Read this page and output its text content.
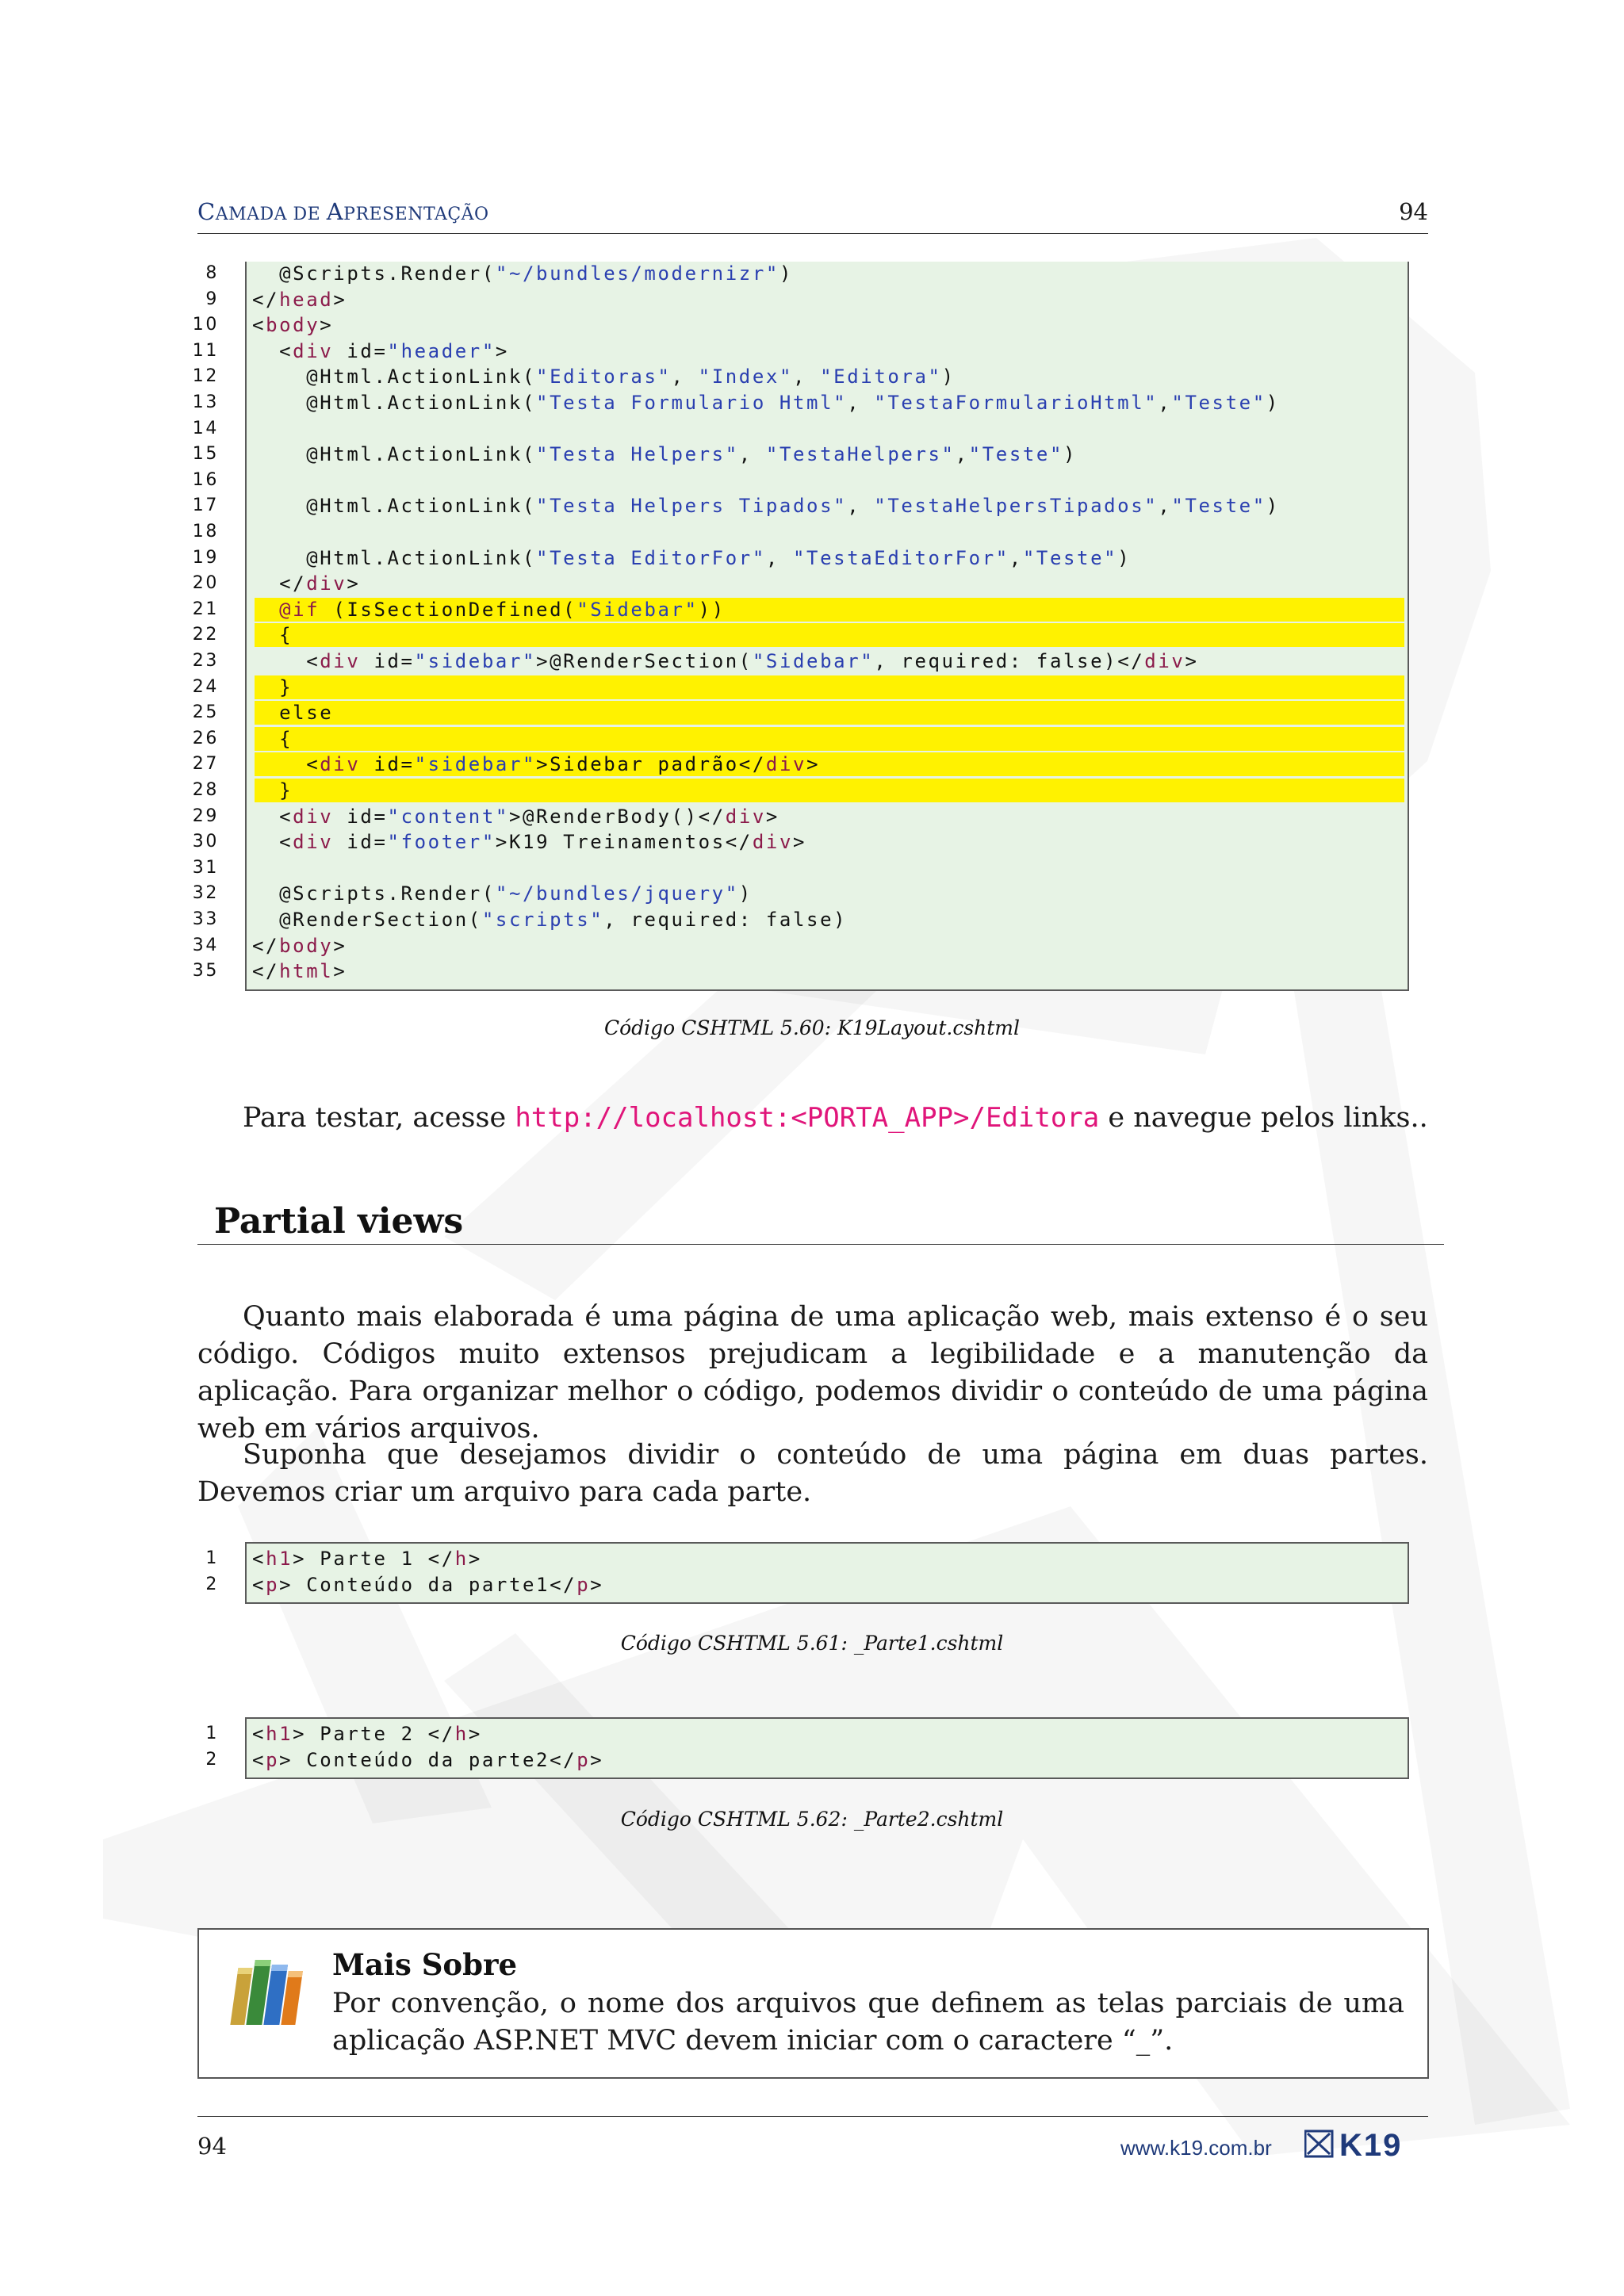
CAMADA DE APRESENTAÇÃO	94
8 @Scripts.Render("~/bundles/modernizr")
9 </head>
10 <body>
11 <div id="header">
12 @Html.ActionLink("Editoras", "Index", "Editora")
13 @Html.ActionLink("Testa Formulario Html", "TestaFormularioHtml","Teste")
14
15 @Html.ActionLink("Testa Helpers", "TestaHelpers","Teste")
16
17 @Html.ActionLink("Testa Helpers Tipados", "TestaHelpersTipados","Teste")
18
19 @Html.ActionLink("Testa EditorFor", "TestaEditorFor","Teste")
20 </div>
21	@if (IsSectionDefined("Sidebar"))
22 {
23 <div id="sidebar">@RenderSection("Sidebar", required: false)</div>
24 }
25 else
26 {
27 <div id="sidebar">Sidebar padrão</div>
28 }
29 <div id="content">@RenderBody()</div>
30 <div id="footer">K19 Treinamentos</div>
31
32 @Scripts.Render("~/bundles/jquery")
33 @RenderSection("scripts", required: false)
34 </body>
35 </html>
Código CSHTML 5.60: K19Layout.cshtml
Para testar, acesse http://localhost:<PORTA_APP>/Editora e navegue pelos links..
Partial views
Quanto mais elaborada é uma página de uma aplicação web, mais extenso é o seu código. Códigos muito extensos prejudicam a legibilidade e a manutenção da aplicação. Para organizar melhor o código, podemos dividir o conteúdo de uma página web em vários arquivos.
Suponha que desejamos dividir o conteúdo de uma página em duas partes. Devemos criar um arquivo para cada parte.
1 <h1> Parte 1 </h>
2 <p> Conteúdo da parte1</p>
Código CSHTML 5.61: _Parte1.cshtml
1 <h1> Parte 2 </h>
2 <p> Conteúdo da parte2</p>
Código CSHTML 5.62: _Parte2.cshtml
Mais Sobre
Por convenção, o nome dos arquivos que definem as telas parciais de uma aplicação ASP.NET MVC devem iniciar com o caractere “_”.
94	www.k19.com.br K19
